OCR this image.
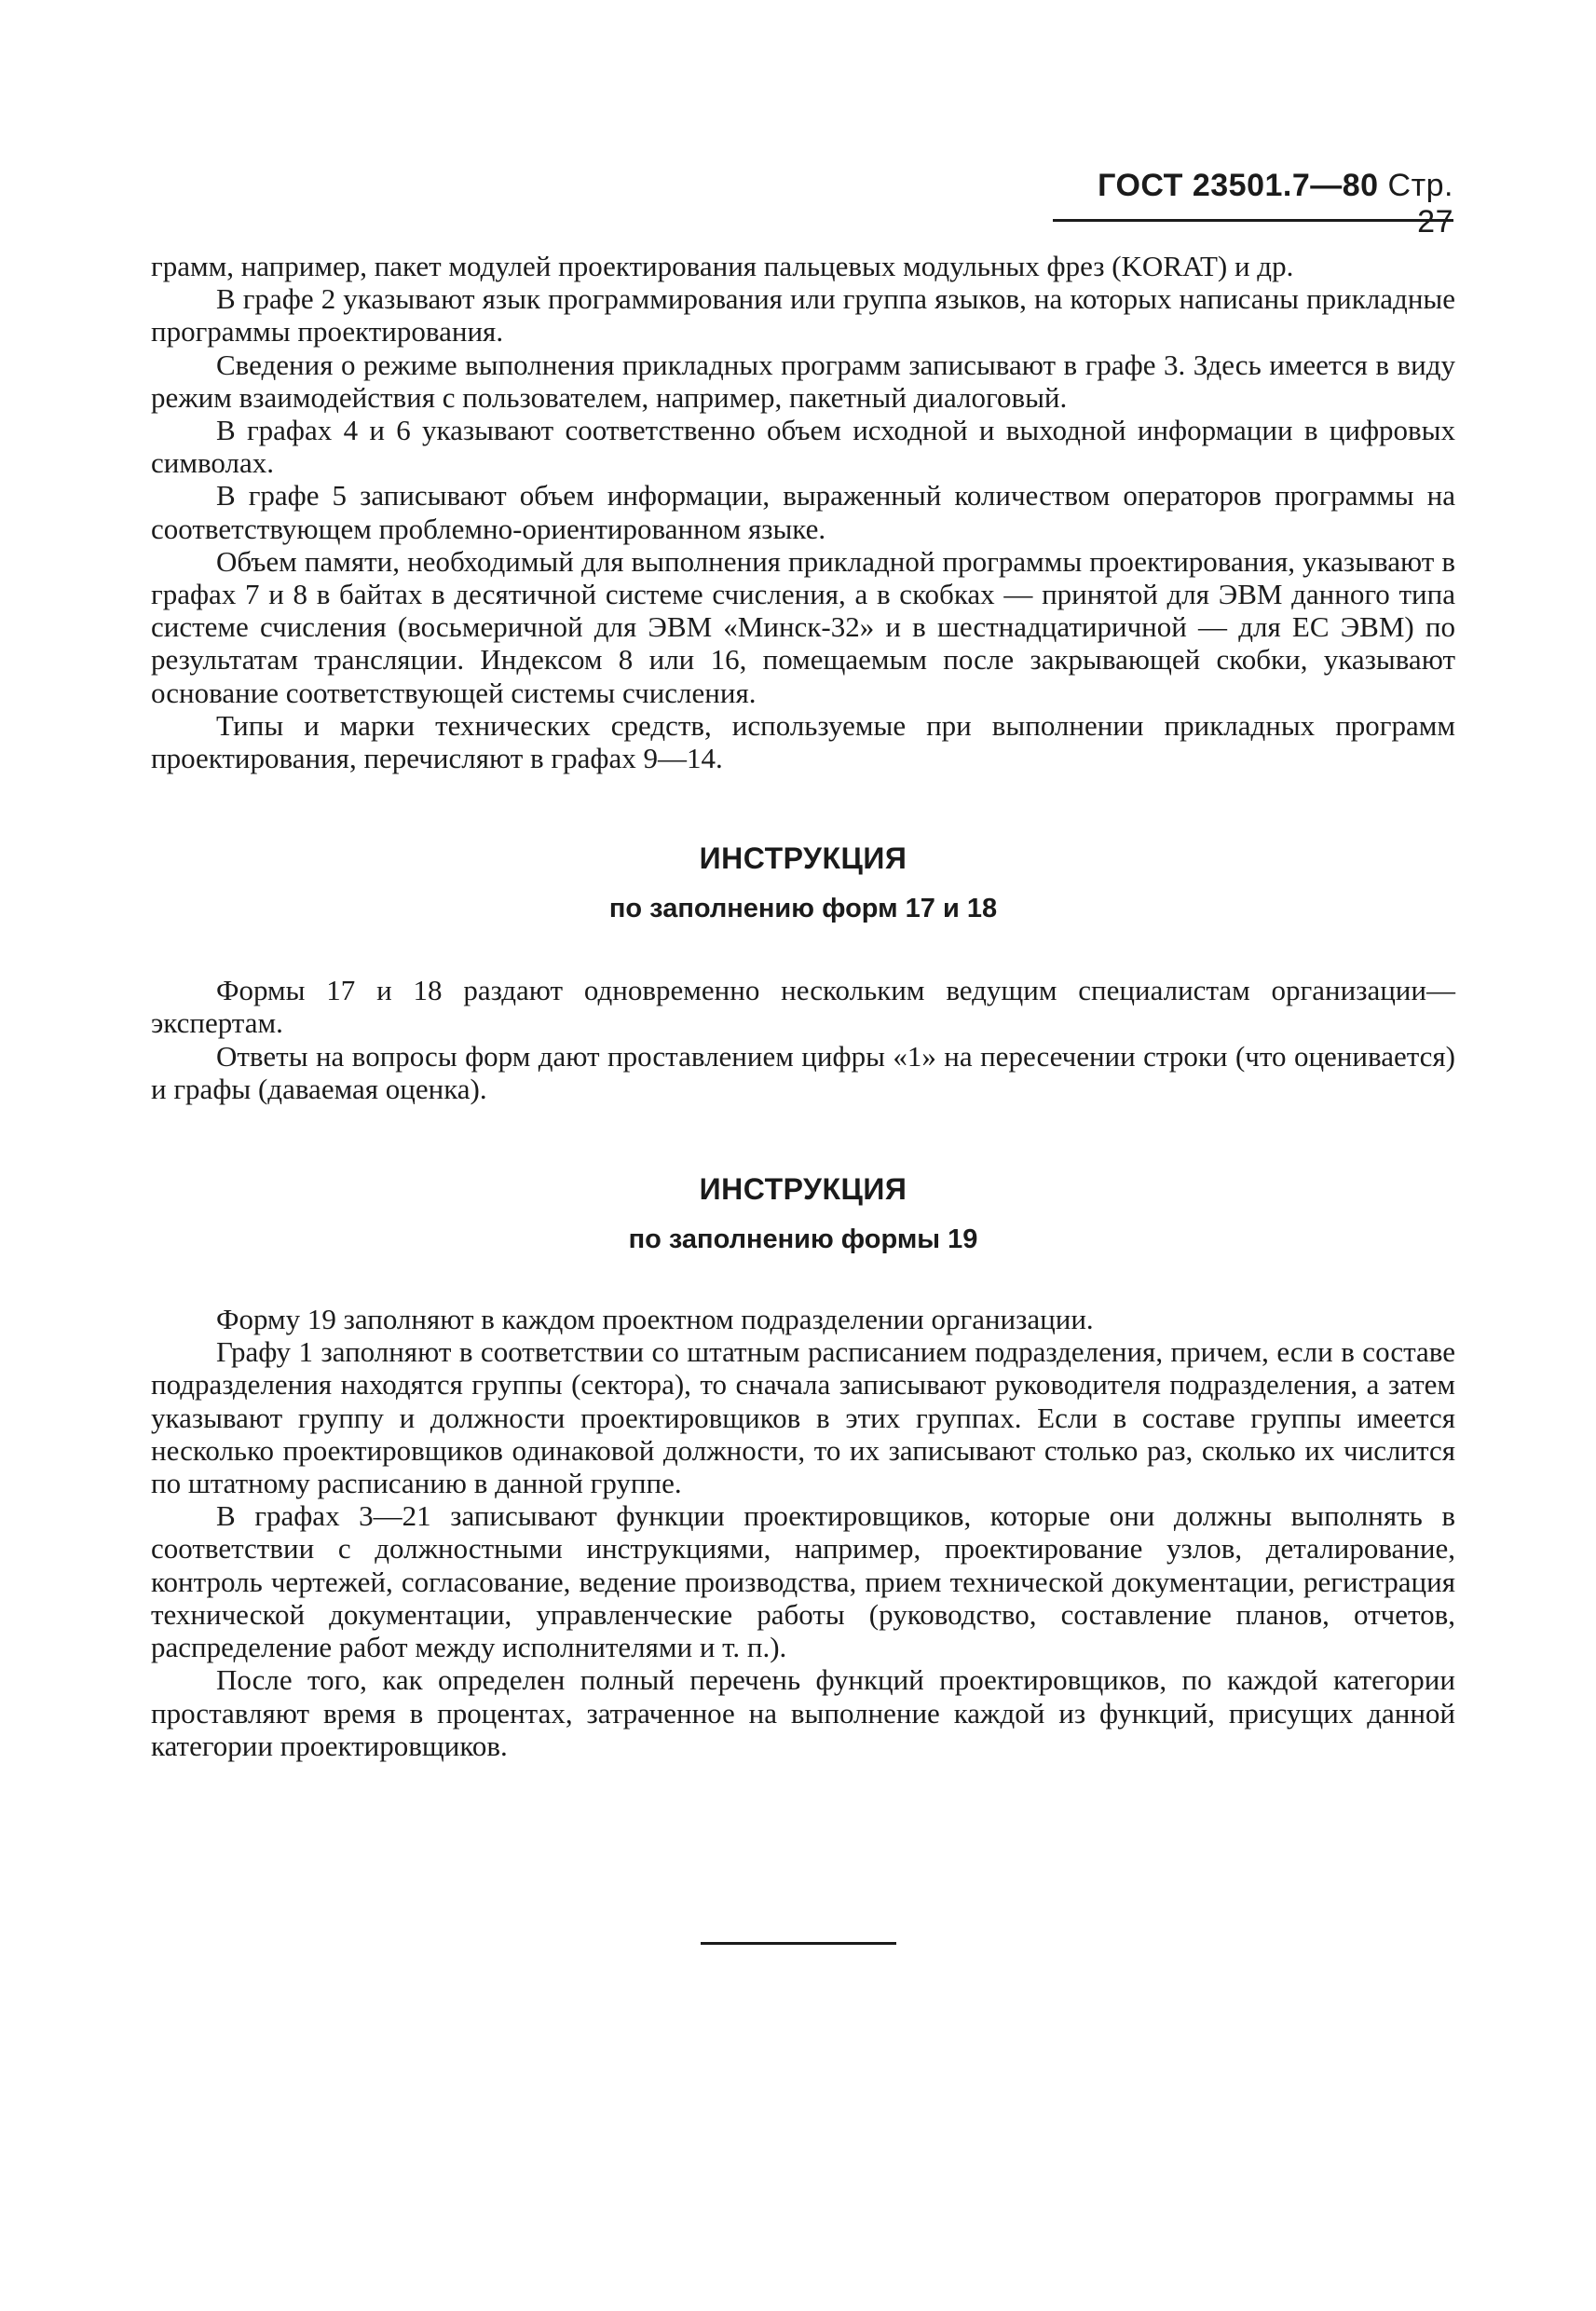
ГОСТ 23501.7—80 Стр. 27

грамм, например, пакет модулей проектирования пальцевых модульных фрез (KORAT) и др.

В графе 2 указывают язык программирования или группа языков, на которых написаны прикладные программы проектирования.

Сведения о режиме выполнения прикладных программ записывают в графе 3. Здесь имеется в виду режим взаимодействия с пользователем, например, пакетный диалоговый.

В графах 4 и 6 указывают соответственно объем исходной и выходной информации в цифровых символах.

В графе 5 записывают объем информации, выраженный количеством операторов программы на соответствующем проблемно-ориентированном языке.

Объем памяти, необходимый для выполнения прикладной программы проектирования, указывают в графах 7 и 8 в байтах в десятичной системе счисления, а в скобках — принятой для ЭВМ данного типа системе счисления (восьмеричной для ЭВМ «Минск-32» и в шестнадцатиричной — для ЕС ЭВМ) по результатам трансляции. Индексом 8 или 16, помещаемым после закрывающей скобки, указывают основание соответствующей системы счисления.

Типы и марки технических средств, используемые при выполнении прикладных программ проектирования, перечисляют в графах 9—14.

ИНСТРУКЦИЯ
по заполнению форм 17 и 18

Формы 17 и 18 раздают одновременно нескольким ведущим специалистам организации—экспертам.

Ответы на вопросы форм дают проставлением цифры «1» на пересечении строки (что оценивается) и графы (даваемая оценка).

ИНСТРУКЦИЯ
по заполнению формы 19

Форму 19 заполняют в каждом проектном подразделении организации.

Графу 1 заполняют в соответствии со штатным расписанием подразделения, причем, если в составе подразделения находятся группы (сектора), то сначала записывают руководителя подразделения, а затем указывают группу и должности проектировщиков в этих группах. Если в составе группы имеется несколько проектировщиков одинаковой должности, то их записывают столько раз, сколько их числится по штатному расписанию в данной группе.

В графах 3—21 записывают функции проектировщиков, которые они должны выполнять в соответствии с должностными инструкциями, например, проектирование узлов, деталирование, контроль чертежей, согласование, ведение производства, прием технической документации, регистрация технической документации, управленческие работы (руководство, составление планов, отчетов, распределение работ между исполнителями и т. п.).

После того, как определен полный перечень функций проектировщиков, по каждой категории проставляют время в процентах, затраченное на выполнение каждой из функций, присущих данной категории проектировщиков.
